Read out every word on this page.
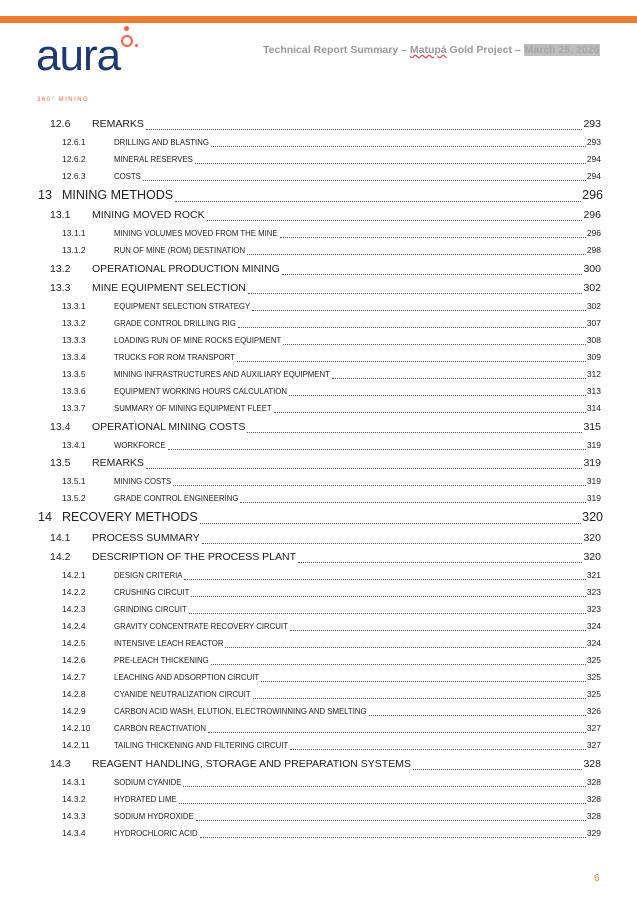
aura
360° MINING
Technical Report Summary – Matupá Gold Project – March 25, 2026
12.6	REMARKS	293
12.6.1	DRILLING AND BLASTING	293
12.6.2	MINERAL RESERVES	294
12.6.3	COSTS	294
13 MINING METHODS	296
13.1	MINING MOVED ROCK	296
13.1.1	MINING VOLUMES MOVED FROM THE MINE	296
13.1.2	RUN OF MINE (ROM) DESTINATION	298
13.2	OPERATIONAL PRODUCTION MINING	300
13.3	MINE EQUIPMENT SELECTION	302
13.3.1	EQUIPMENT SELECTION STRATEGY	302
13.3.2	GRADE CONTROL DRILLING RIG	307
13.3.3	LOADING RUN OF MINE ROCKS EQUIPMENT	308
13.3.4	TRUCKS FOR ROM TRANSPORT	309
13.3.5	MINING INFRASTRUCTURES AND AUXILIARY EQUIPMENT	312
13.3.6	EQUIPMENT WORKING HOURS CALCULATION	313
13.3.7	SUMMARY OF MINING EQUIPMENT FLEET	314
13.4	OPERATIONAL MINING COSTS	315
13.4.1	WORKFORCE	319
13.5	REMARKS	319
13.5.1	MINING COSTS	319
13.5.2	GRADE CONTROL ENGINEERING	319
14 RECOVERY METHODS	320
14.1	PROCESS SUMMARY	320
14.2	DESCRIPTION OF THE PROCESS PLANT	320
14.2.1	DESIGN CRITERIA	321
14.2.2	CRUSHING CIRCUIT	323
14.2.3	GRINDING CIRCUIT	323
14.2.4	GRAVITY CONCENTRATE RECOVERY CIRCUIT	324
14.2.5	INTENSIVE LEACH REACTOR	324
14.2.6	PRE-LEACH THICKENING	325
14.2.7	LEACHING AND ADSORPTION CIRCUIT	325
14.2.8	CYANIDE NEUTRALIZATION CIRCUIT	325
14.2.9	CARBON ACID WASH, ELUTION, ELECTROWINNING AND SMELTING	326
14.2.10	CARBON REACTIVATION	327
14.2.11	TAILING THICKENING AND FILTERING CIRCUIT	327
14.3	REAGENT HANDLING, STORAGE AND PREPARATION SYSTEMS	328
14.3.1	SODIUM CYANIDE	328
14.3.2	HYDRATED LIME	328
14.3.3	SODIUM HYDROXIDE	328
14.3.4	HYDROCHLORIC ACID	329
6
